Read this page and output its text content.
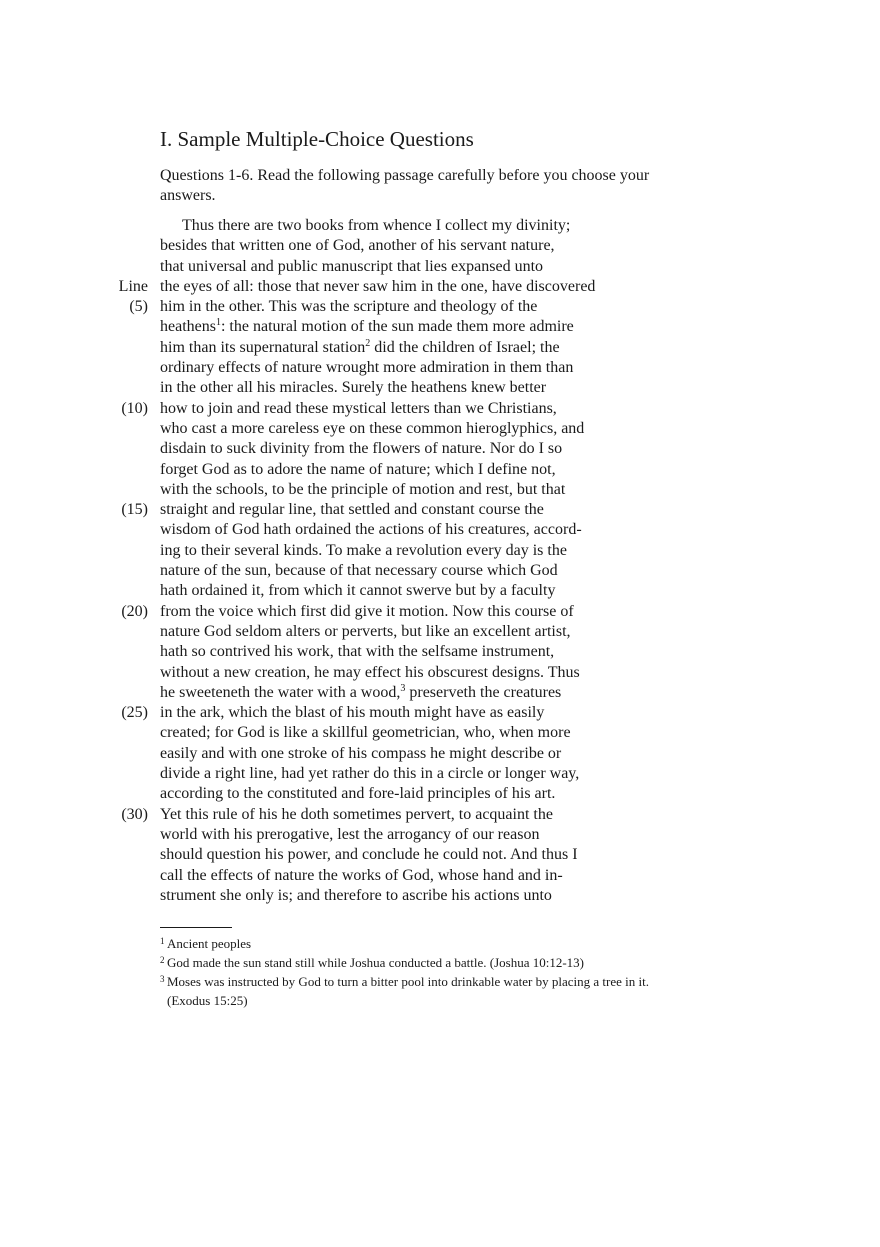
I. Sample Multiple-Choice Questions

Questions 1-6. Read the following passage carefully before you choose your answers.

Thus there are two books from whence I collect my divinity;
besides that written one of God, another of his servant nature,
that universal and public manuscript that lies expansed unto
Line the eyes of all: those that never saw him in the one, have discovered
(5) him in the other. This was the scripture and theology of the
heathens$^1$: the natural motion of the sun made them more admire
him than its supernatural station$^2$ did the children of Israel; the
ordinary effects of nature wrought more admiration in them than
in the other all his miracles. Surely the heathens knew better
(10) how to join and read these mystical letters than we Christians,
who cast a more careless eye on these common hieroglyphics, and
disdain to suck divinity from the flowers of nature. Nor do I so
forget God as to adore the name of nature; which I define not,
with the schools, to be the principle of motion and rest, but that
(15) straight and regular line, that settled and constant course the
wisdom of God hath ordained the actions of his creatures, accord-
ing to their several kinds. To make a revolution every day is the
nature of the sun, because of that necessary course which God
hath ordained it, from which it cannot swerve but by a faculty
(20) from the voice which first did give it motion. Now this course of
nature God seldom alters or perverts, but like an excellent artist,
hath so contrived his work, that with the selfsame instrument,
without a new creation, he may effect his obscurest designs. Thus
he sweeteneth the water with a wood,$^3$ preserveth the creatures
(25) in the ark, which the blast of his mouth might have as easily
created; for God is like a skillful geometrician, who, when more
easily and with one stroke of his compass he might describe or
divide a right line, had yet rather do this in a circle or longer way,
according to the constituted and fore-laid principles of his art.
(30) Yet this rule of his he doth sometimes pervert, to acquaint the
world with his prerogative, lest the arrogancy of our reason
should question his power, and conclude he could not. And thus I
call the effects of nature the works of God, whose hand and in-
strument she only is; and therefore to ascribe his actions unto
1 Ancient peoples
2 God made the sun stand still while Joshua conducted a battle. (Joshua 10:12-13)
3 Moses was instructed by God to turn a bitter pool into drinkable water by placing a tree in it. (Exodus 15:25)
